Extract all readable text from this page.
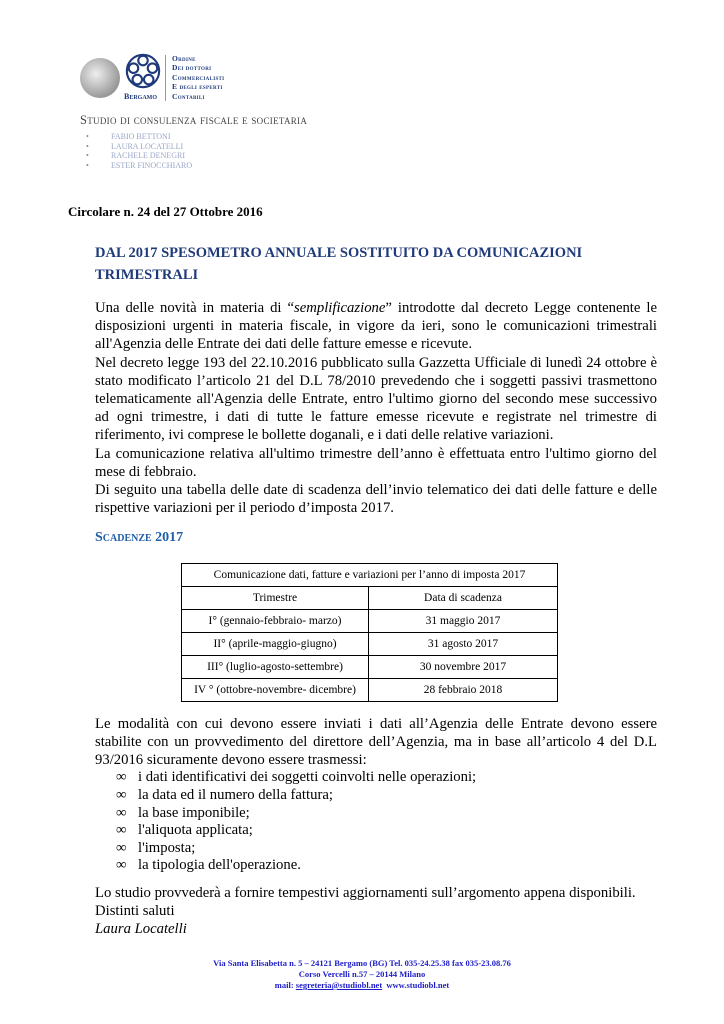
Bergamo
Ordine
Dei dottori
Commercialisti
E degli esperti
Contabili
Studio di consulenza fiscale e societaria
•	FABIO BETTONI
•	LAURA LOCATELLI
•	RACHELE DENEGRI
•	ESTER FINOCCHIARO
Circolare n. 24 del 27 Ottobre 2016
DAL 2017 SPESOMETRO ANNUALE SOSTITUITO DA COMUNICAZIONI TRIMESTRALI

Una delle novità in materia di “semplificazione” introdotte dal decreto Legge contenente le disposizioni urgenti in materia fiscale, in vigore da ieri, sono le comunicazioni trimestrali all'Agenzia delle Entrate dei dati delle fatture emesse e ricevute.

Nel decreto legge 193 del 22.10.2016 pubblicato sulla Gazzetta Ufficiale di lunedì 24 ottobre è stato modificato l’articolo 21 del D.L 78/2010 prevedendo che i soggetti passivi trasmettono telematicamente all'Agenzia delle Entrate, entro l'ultimo giorno del secondo mese successivo ad ogni trimestre, i dati di tutte le fatture emesse ricevute e registrate nel trimestre di riferimento, ivi comprese le bollette doganali, e i dati delle relative variazioni.

La comunicazione relativa all'ultimo trimestre dell’anno è effettuata entro l'ultimo giorno del mese di febbraio.

Di seguito una tabella delle date di scadenza dell’invio telematico dei dati delle fatture e delle rispettive variazioni per il periodo d’imposta 2017.

Scadenze 2017
Comunicazione dati, fatture e variazioni per l’anno di imposta 2017	
Trimestre	Data di scadenza
I° (gennaio-febbraio- marzo)	31 maggio 2017
II° (aprile-maggio-giugno)	31 agosto 2017
III° (luglio-agosto-settembre)	30 novembre 2017
IV ° (ottobre-novembre- dicembre)	28 febbraio 2018
Le modalità con cui devono essere inviati i dati all’Agenzia delle Entrate devono essere stabilite con un provvedimento del direttore dell’Agenzia, ma in base all’articolo 4 del D.L 93/2016 sicuramente devono essere trasmessi:
∞ i dati identificativi dei soggetti coinvolti nelle operazioni;
∞ la data ed il numero della fattura;
∞ la base imponibile;
∞ l'aliquota applicata;
∞ l'imposta;
∞ la tipologia dell'operazione.
Lo studio provvederà a fornire tempestivi aggiornamenti sull’argomento appena disponibili.
Distinti saluti
Laura Locatelli
Via Santa Elisabetta n. 5 – 24121 Bergamo (BG) Tel. 035-24.25.38 fax 035-23.08.76
Corso Vercelli n.57 – 20144 Milano
mail: segreteria@studiobl.net www.studiobl.net
